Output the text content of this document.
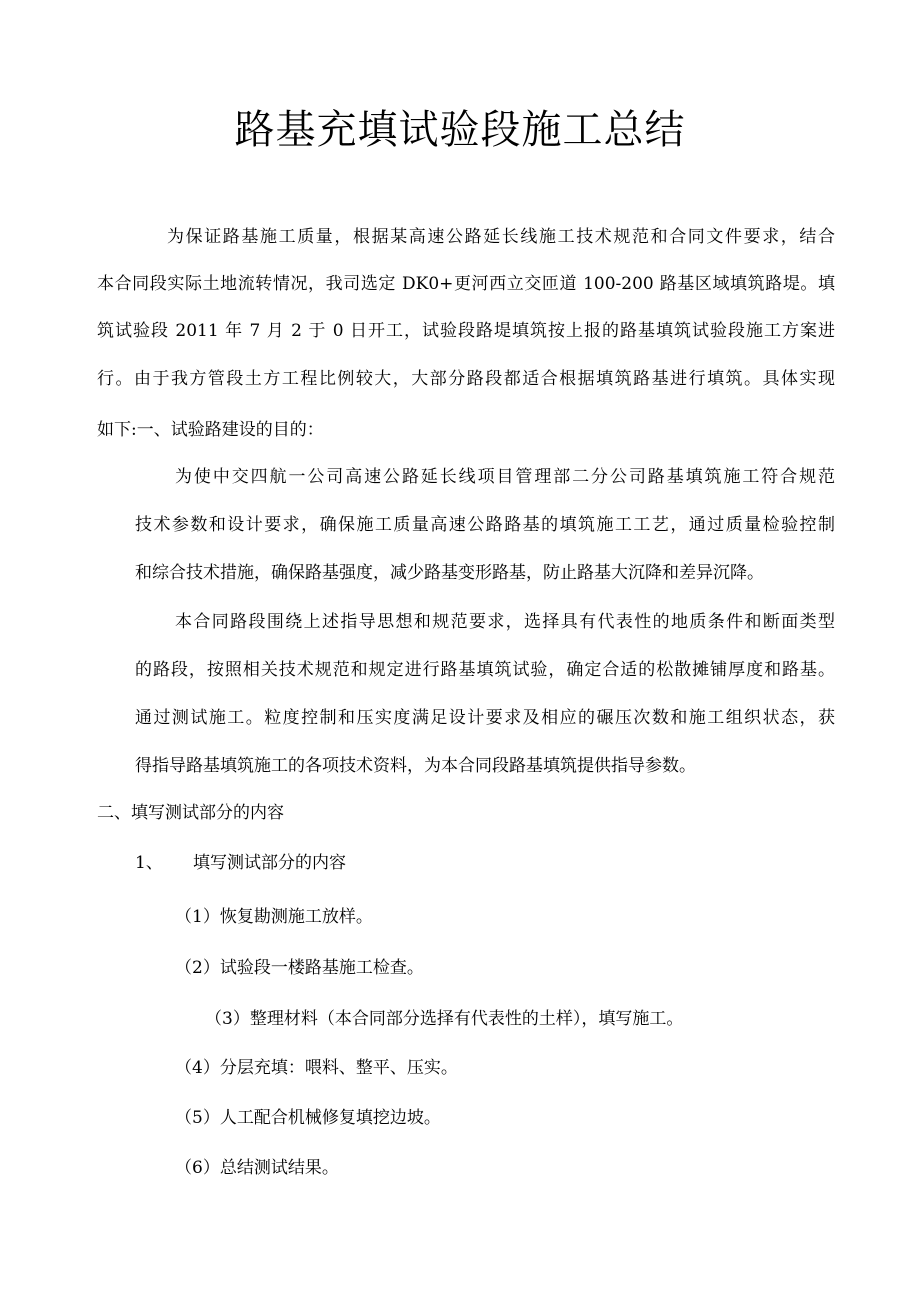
路基充填试验段施工总结

为保证路基施工质量，根据某高速公路延长线施工技术规范和合同文件要求，结合

本合同段实际土地流转情况，我司选定 DK0+更河西立交匝道 100-200 路基区域填筑路堤。填

筑试验段 2011 年 7 月 2 于 0 日开工，试验段路堤填筑按上报的路基填筑试验段施工方案进

行。由于我方管段土方工程比例较大，大部分路段都适合根据填筑路基进行填筑。具体实现

如下:一、试验路建设的目的：

为使中交四航一公司高速公路延长线项目管理部二分公司路基填筑施工符合规范

技术参数和设计要求，确保施工质量高速公路路基的填筑施工工艺，通过质量检验控制

和综合技术措施，确保路基强度，减少路基变形路基，防止路基大沉降和差异沉降。

本合同路段围绕上述指导思想和规范要求，选择具有代表性的地质条件和断面类型

的路段，按照相关技术规范和规定进行路基填筑试验，确定合适的松散摊铺厚度和路基。

通过测试施工。粒度控制和压实度满足设计要求及相应的碾压次数和施工组织状态，获

得指导路基填筑施工的各项技术资料，为本合同段路基填筑提供指导参数。

二、填写测试部分的内容

1、 填写测试部分的内容

（1）恢复勘测施工放样。

（2）试验段一楼路基施工检查。

（3）整理材料（本合同部分选择有代表性的土样），填写施工。

（4）分层充填：喂料、整平、压实。

（5）人工配合机械修复填挖边坡。

（6）总结测试结果。
